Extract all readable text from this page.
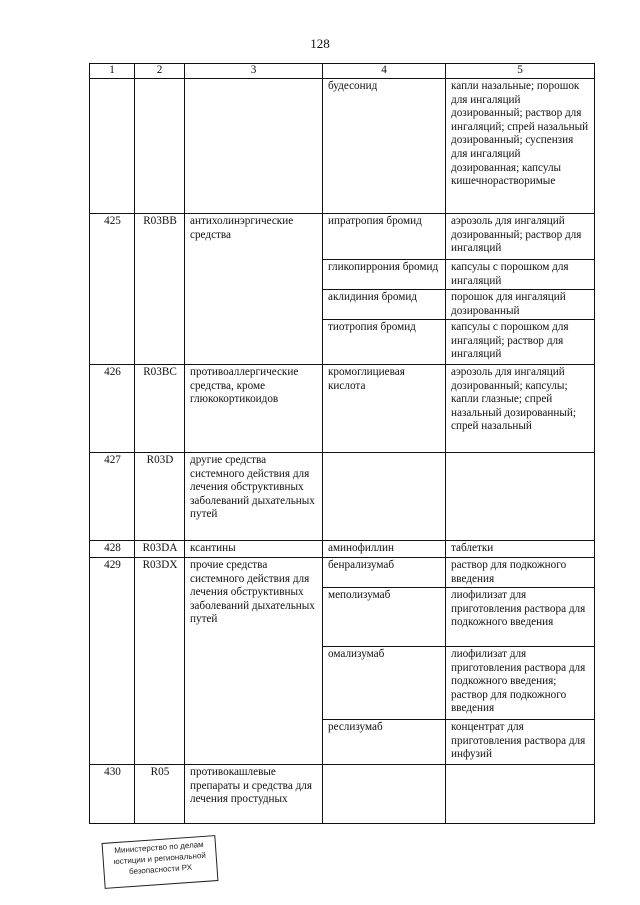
128
1	2	3	4	5
			будесонид	капли назальные; порошок для ингаляций дозированный; раствор для ингаляций; спрей назальный дозированный; суспензия для ингаляций дозированная; капсулы кишечнорастворимые
425	R03BB	антихолинэргические средства	ипратропия бромид	аэрозоль для ингаляций дозированный; раствор для ингаляций
			гликопиррония бромид	капсулы с порошком для ингаляций
			аклидиния бромид	порошок для ингаляций дозированный
			тиотропия бромид	капсулы с порошком для ингаляций; раствор для ингаляций
426	R03BC	противоаллергические средства, кроме глюкокортикоидов	кромоглициевая кислота	аэрозоль для ингаляций дозированный; капсулы; капли глазные; спрей назальный дозированный; спрей назальный
427	R03D	другие средства системного действия для лечения обструктивных заболеваний дыхательных путей		
428	R03DA	ксантины	аминофиллин	таблетки
429	R03DX	прочие средства системного действия для лечения обструктивных заболеваний дыхательных путей	бенрализумаб	раствор для подкожного введения
			меполизумаб	лиофилизат для приготовления раствора для подкожного введения
			омализумаб	лиофилизат для приготовления раствора для подкожного введения; раствор для подкожного введения
			реслизумаб	концентрат для приготовления раствора для инфузий
430	R05	противокашлевые препараты и средства для лечения простудных		
Министерство по делам
юстиции и региональной
безопасности РХ
